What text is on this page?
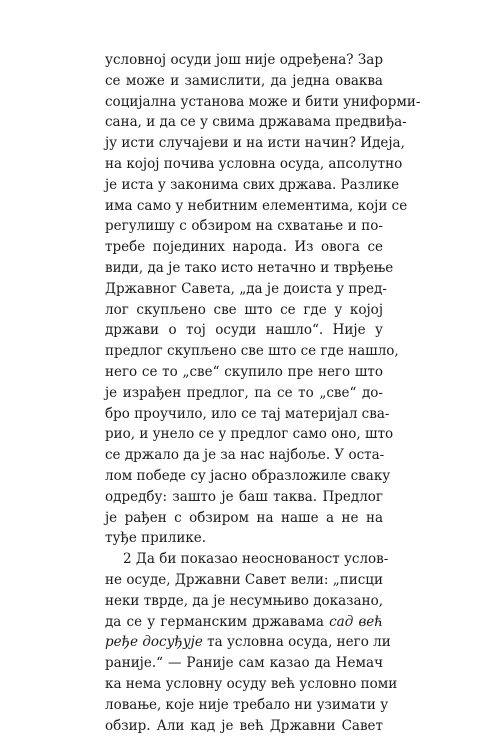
условној осуди још није одређена? Зар
се може и замислити, да једна оваква
социјална установа може и бити униформи-
сана, и да се у свима државама предвиђа-
ју исти случајеви и на исти начин? Идеја,
на којој почива условна осуда, апсолутно
је иста у законима свих држава. Разлике
има само у небитним елементима, који се
регулишу с обзиром на схватање и по-
требе појединих народа. Из овога се
види, да је тако исто нетачно и тврђење
Државног Савета, „да је доиста у пред-
лог скупљено све што се где у којој
држави о тој осуди нашло“. Није у
предлог скупљено све што се где нашло,
него се то „све“ скупило пре него што
је израђен предлог, па се то „све“ до-
бро проучило, ило се тај материјал сва-
рио, и унело се у предлог само оно, што
се држало да је за нас најбоље. У оста-
лом победе су јасно образложиле сваку
одредбу: зашто је баш таква. Предлог
је рађен с обзиром на наше а не на
туђе прилике.
2 Да би показао неоснованост услов-
не осуде, Државни Савет вели: „писци
неки тврде, да је несумњиво доказано,
да се у германским државама сад већ
рeђе досуђује та условна осуда, него ли
раније.“ — Раније сам казао да Немач
ка нема условну осуду већ условно поми
ловање, које није требало ни узимати у
обзир. Али кад је већ Државни Савет
